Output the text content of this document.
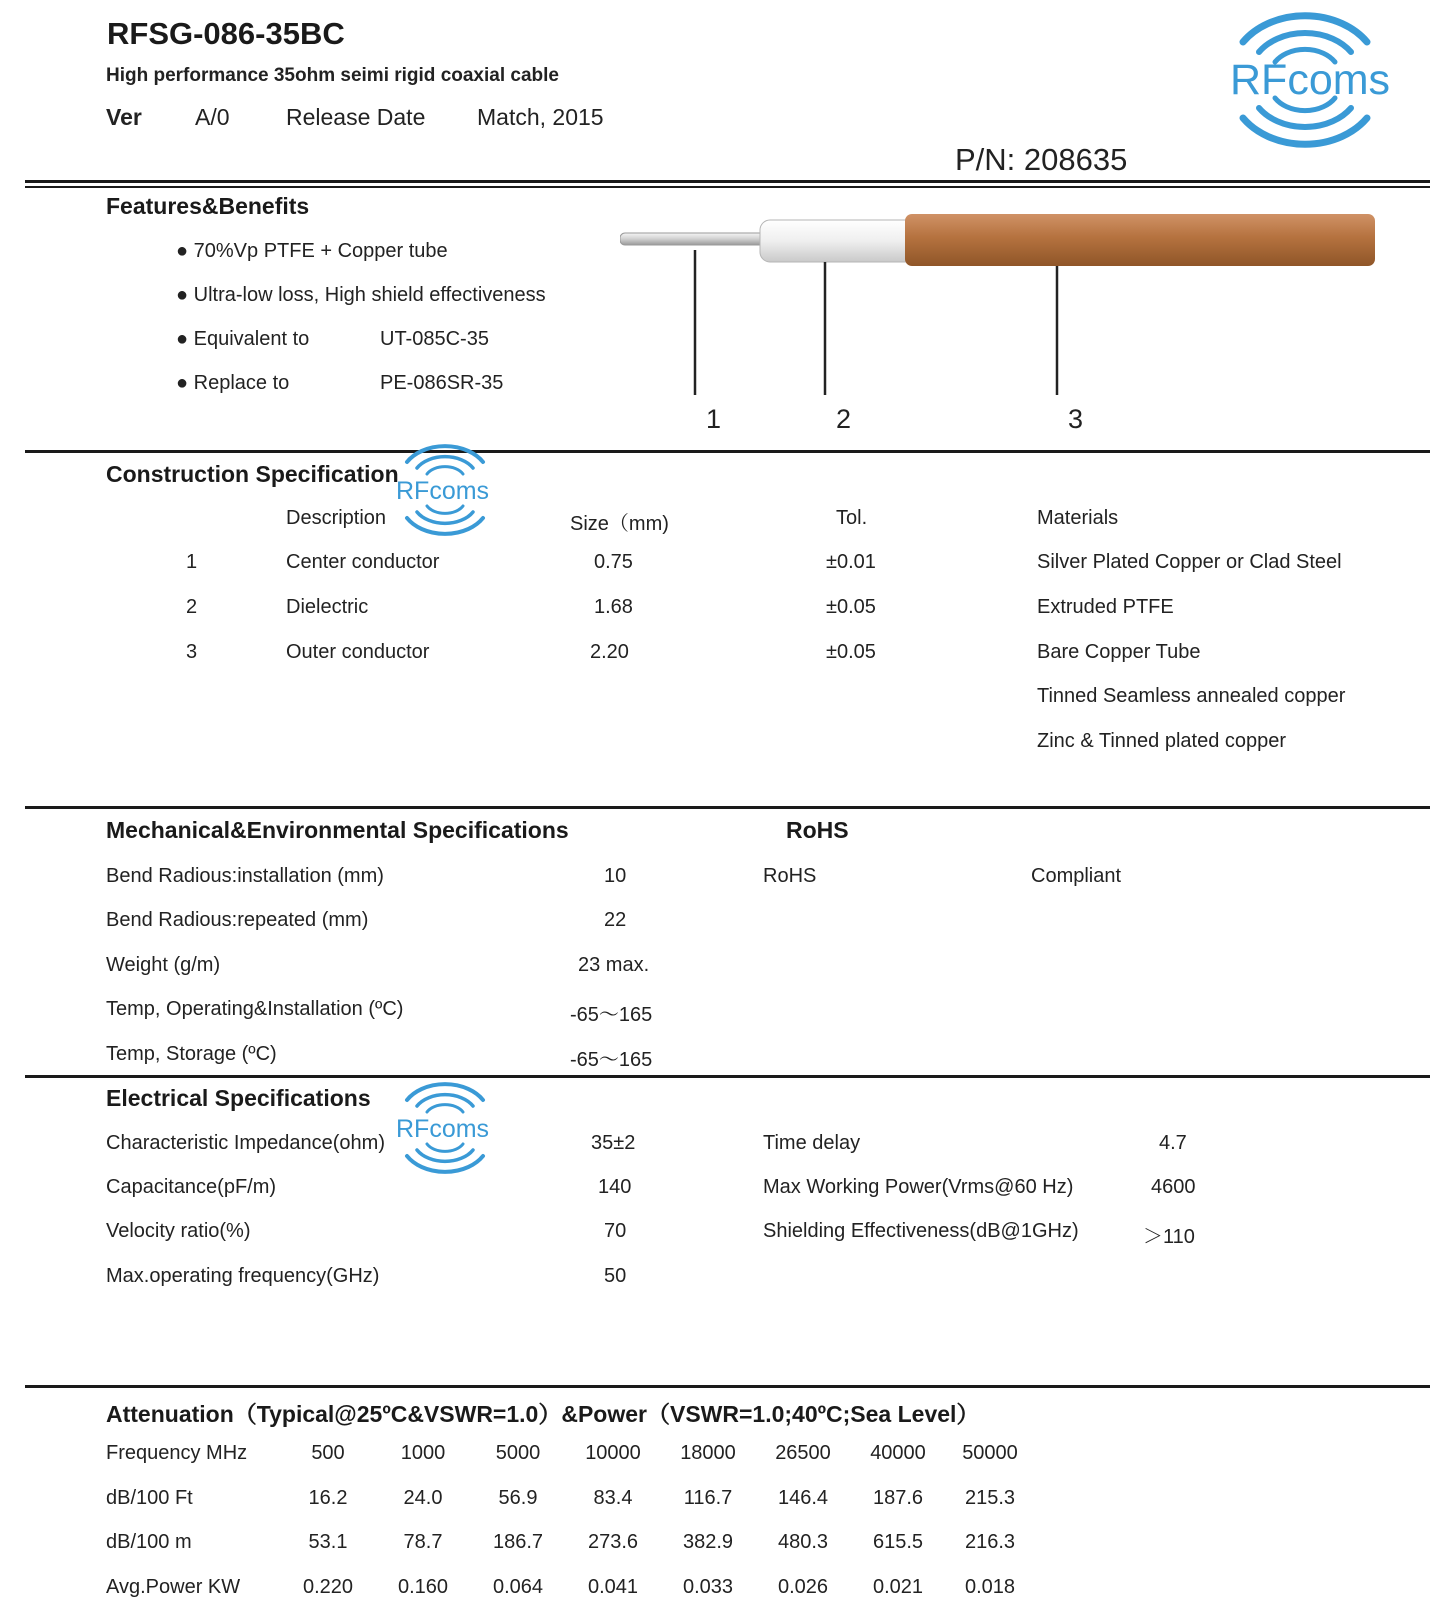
RFSG-086-35BC
High performance 35ohm seimi rigid coaxial cable
Ver A/0 Release Date Match, 2015
P/N: 208635
RFcoms
Features&Benefits
● 70%Vp PTFE + Copper tube
● Ultra-low loss, High shield effectiveness
● Equivalent to	UT-085C-35
● Replace to	PE-086SR-35
1	2	3
Construction Specification
RFcoms
Description	Size（mm)	Tol.	Materials
1	Center conductor	0.75	±0.01	Silver Plated Copper or Clad Steel
2	Dielectric	1.68	±0.05	Extruded PTFE
3	Outer conductor	2.20	±0.05	Bare Copper Tube
Tinned Seamless annealed copper
Zinc & Tinned plated copper
Mechanical&Environmental Specifications	RoHS
Bend Radious:installation (mm)	10
Bend Radious:repeated (mm)	22
Weight (g/m)	23 max.
Temp, Operating&Installation (ºC)	-65～165
Temp, Storage (ºC)	-65～165
RoHS	Compliant
Electrical Specifications
RFcoms
Characteristic Impedance(ohm)	35±2
Capacitance(pF/m)	140
Velocity ratio(%)	70
Max.operating frequency(GHz)	50
Time delay	4.7
Max Working Power(Vrms@60 Hz)	4600
Shielding Effectiveness(dB@1GHz)	＞110
Attenuation（Typical@25ºC&VSWR=1.0）&Power（VSWR=1.0;40ºC;Sea Level）
Frequency MHz	500	1000	5000	10000	18000	26500	40000	50000
dB/100 Ft	16.2	24.0	56.9	83.4	116.7	146.4	187.6	215.3
dB/100 m	53.1	78.7	186.7	273.6	382.9	480.3	615.5	216.3
Avg.Power KW	0.220	0.160	0.064	0.041	0.033	0.026	0.021	0.018
